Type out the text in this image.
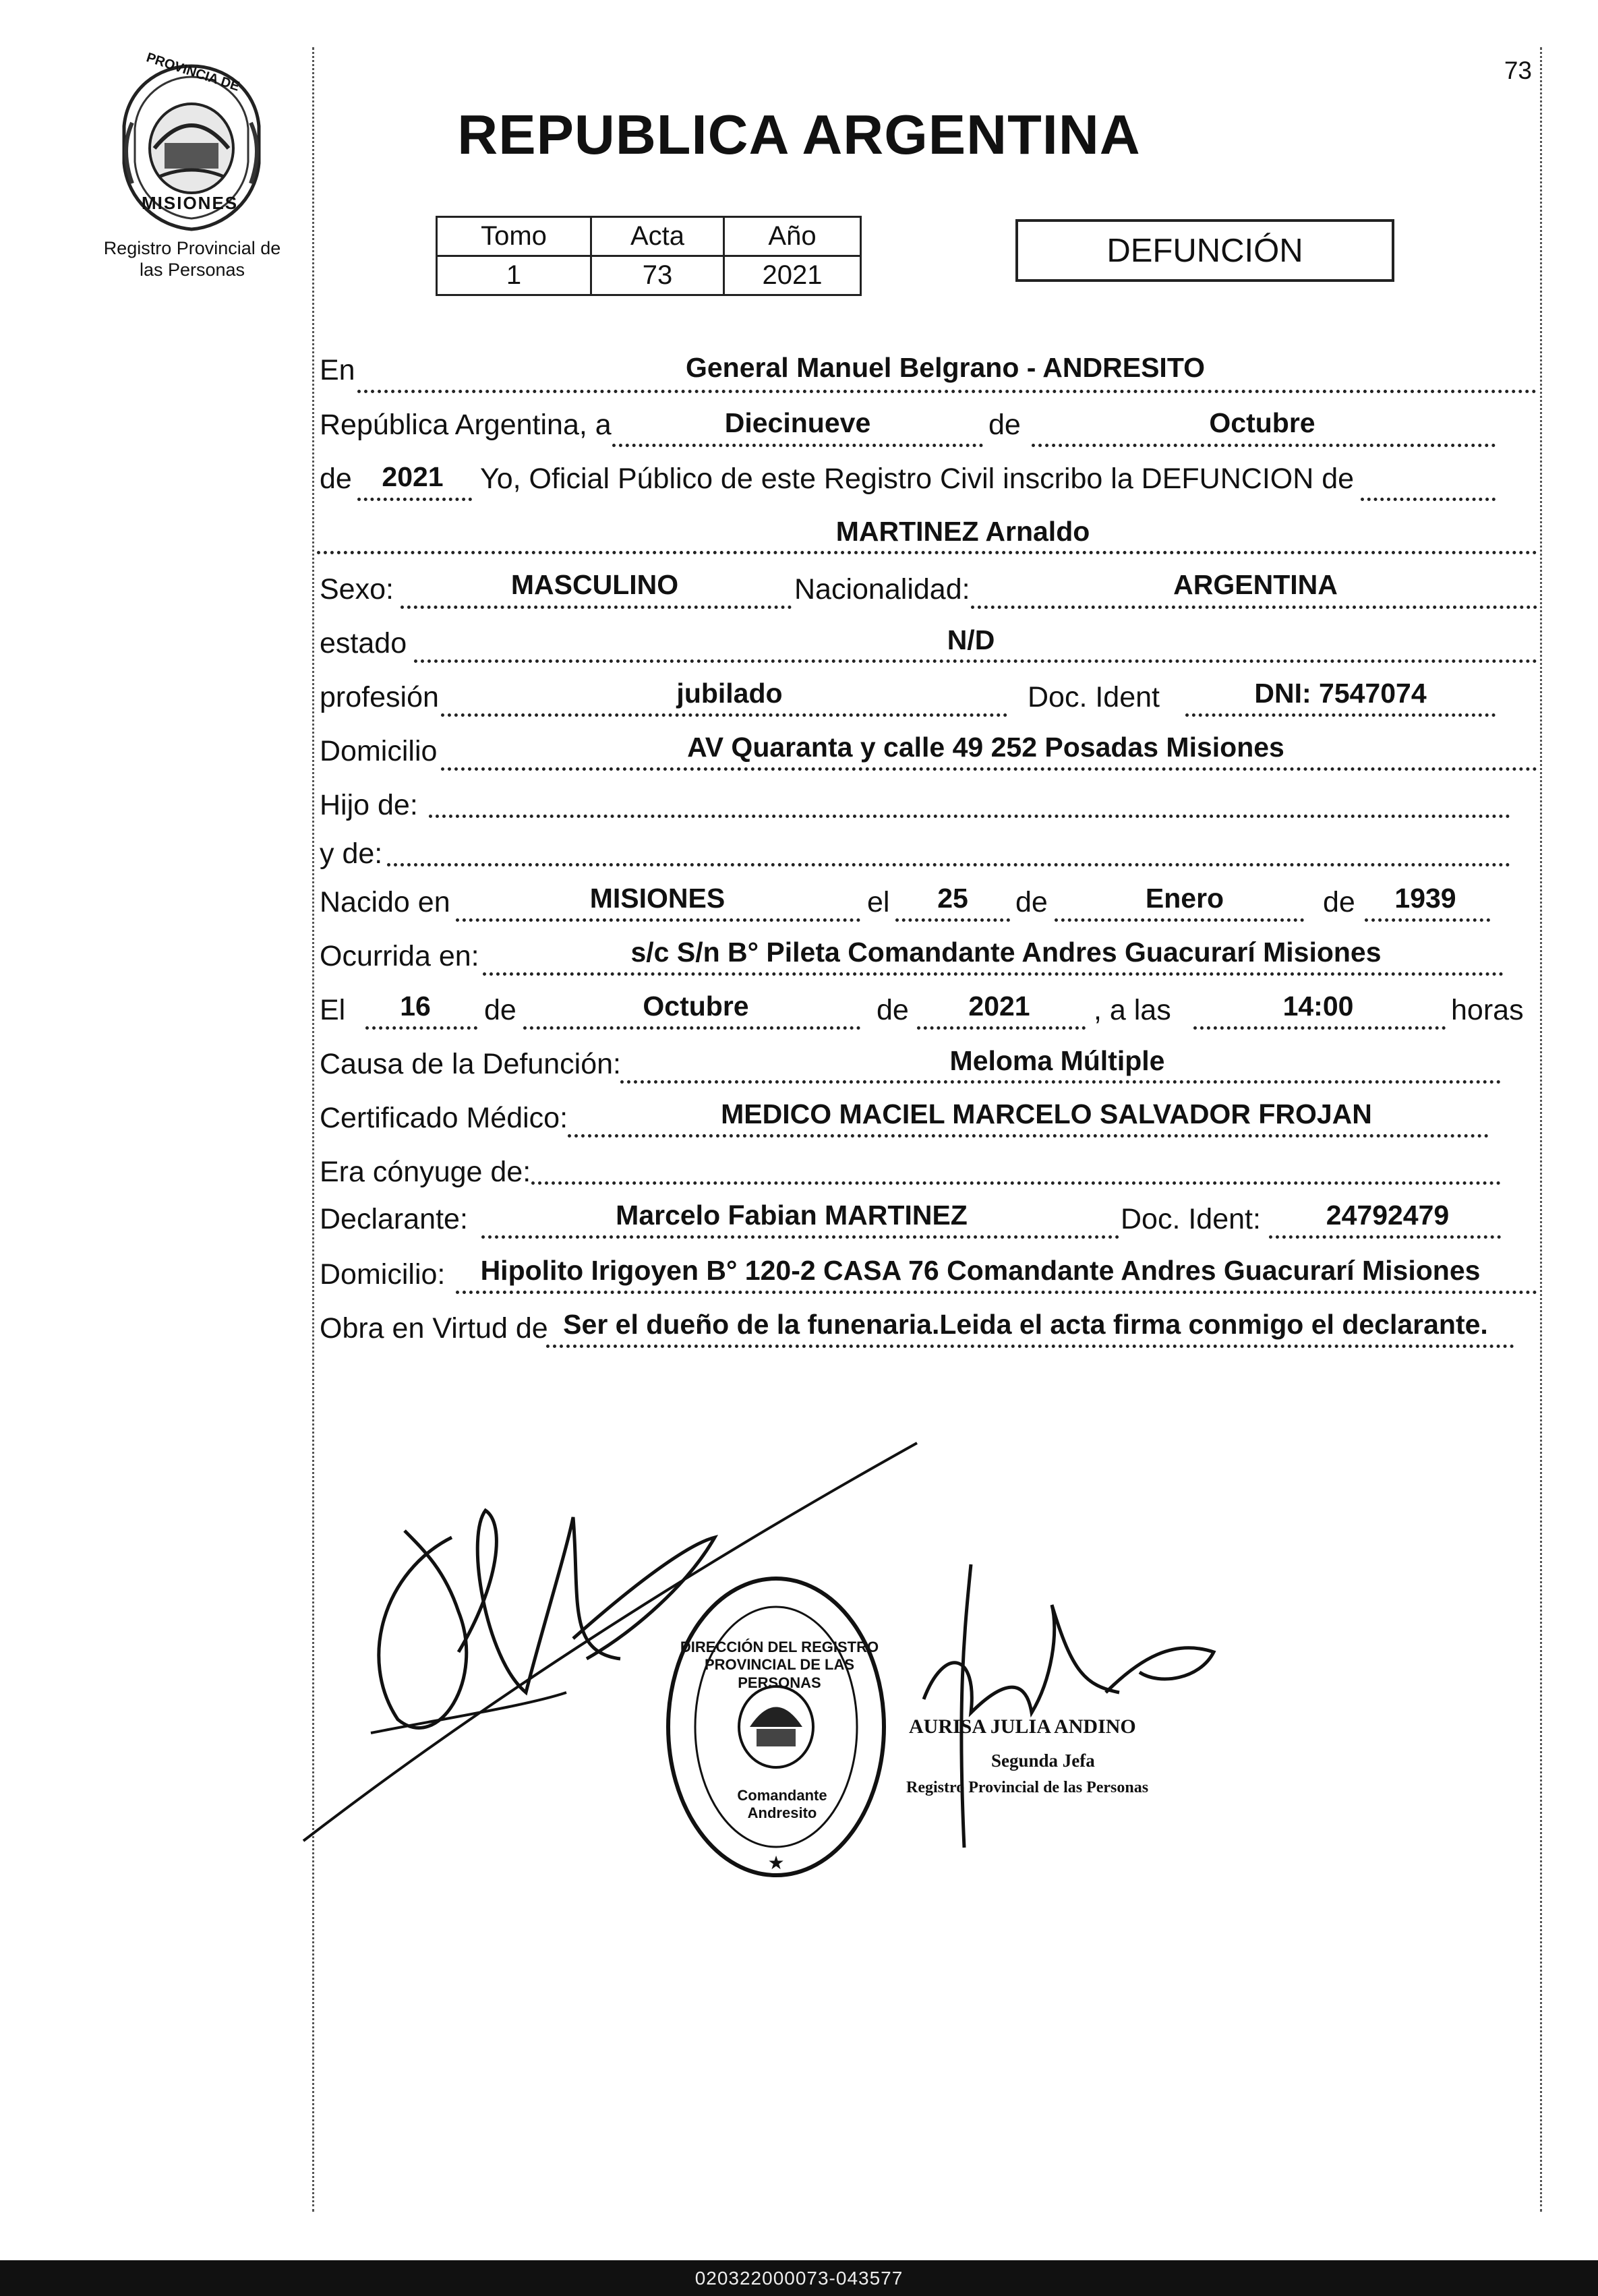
PROVINCIA DE
MISIONES
Registro Provincial de
las Personas
73
REPUBLICA ARGENTINA
Tomo	Acta	Año
1	73	2021
DEFUNCIÓN
En	General Manuel Belgrano - ANDRESITO
República Argentina, a	Diecinueve	de	Octubre
de 2021 Yo, Oficial Público de este Registro Civil inscribo la DEFUNCION de
MARTINEZ Arnaldo
Sexo:	MASCULINO	Nacionalidad:	ARGENTINA
estado	N/D
profesión	jubilado	Doc. Ident	DNI: 7547074
Domicilio	AV Quaranta y calle 49 252 Posadas Misiones
Hijo de:
y de:
Nacido en	MISIONES	el 25 de	Enero	de 1939
Ocurrida en:	s/c S/n B° Pileta Comandante Andres Guacurarí Misiones
El 16 de	Octubre	de 2021 , a las	14:00	horas
Causa de la Defunción:	Meloma Múltiple
Certificado Médico:	MEDICO MACIEL MARCELO SALVADOR FROJAN
Era cónyuge de:
Declarante:	Marcelo Fabian MARTINEZ	Doc. Ident: 24792479
Domicilio: Hipolito Irigoyen B° 120-2 CASA 76 Comandante Andres Guacurarí Misiones
Obra en Virtud de Ser el dueño de la funenaria.Leida el acta firma conmigo el declarante.
★
DIRECCIÓN DEL REGISTRO PROVINCIAL DE LAS PERSONAS
Comandante Andresito
AURISA JULIA ANDINO
Segunda Jefa
Registro Provincial de las Personas
020322000073-043577
